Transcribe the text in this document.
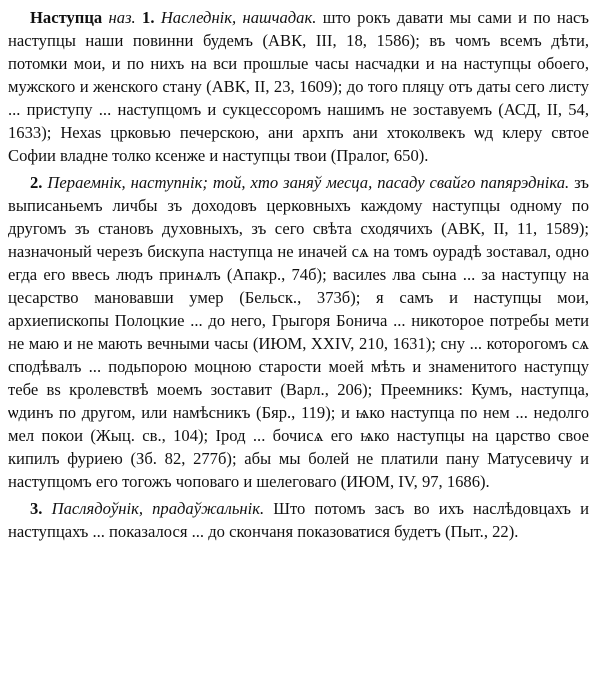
Наступца наз. 1. Наследнік, нашчадак. што рокъ давати мы сами и по насъ наступцы наши повинни будемъ (АВК, III, 18, 1586); въ чомъ всемъ дѣти, потомки мои, и по нихъ на вси прошлые часы насчадки и на наступцы обоего, мужского и женского стану (АВК, II, 23, 1609); до того пляцу отъ даты сего листу ... приступу ... наступцомъ и сукцессоромъ нашимъ не зоставуемъ (АСД, II, 54, 1633); Нехаѕ црковью печерскою, ани архпъ ани хтоколвекъ ѡд клеру свтое Софии владне толко ксенже и наступцы твои (Пралог, 650).

2. Пераемнік, наступнік; той, хто заняў месца, пасаду свайго папярэдніка. зъ выписаньемъ личбы зъ доходовъ церковныхъ каждому наступцы одному по другомъ зъ становъ духовныхъ, зъ сего свѣта сходячихъ (АВК, II, 11, 1589); назначоный черезъ бискупа наступца не иначей сѧ на томъ оурадѣ зоставал, одно егда его ввесь людъ принѧлъ (Апакр., 74б); василеѕ лва сына ... за наступцу на цесарство мановавши умер (Бельск., 373б); я самъ и наступцы мои, архиепископы Полоцкие ... до него, Грыгоря Бонича ... никоторое потребы мети не маю и не мають вечными часы (ИЮМ, XXIV, 210, 1631); сну ... которогомъ сѧ сподѣвалъ ... подьпорою моцною старости моей мѣть и знаменитого наступцу тебе вѕ кролевствѣ моемъ зоставит (Варл., 206); Преемникѕ: Кумъ, наступца, ѡдинъ по другом, или намѣсникъ (Бяр., 119); и ѩко наступца по нем ... недолго мел покои (Жыц. св., 104); Ірод ... бочисѧ его ѩко наступцы на царство свое кипилъ фуриею (Зб. 82, 277б); абы мы болей не платили пану Матусевичу и наступцомъ его тогожъ чоповаго и шелеговаго (ИЮМ, IV, 97, 1686).

3. Паслядоўнік, прадаўжальнік. Што потомъ засъ во ихъ наслѣдовцахъ и наступцахъ ... показалося ... до скончаня показоватися будетъ (Пыт., 22).
